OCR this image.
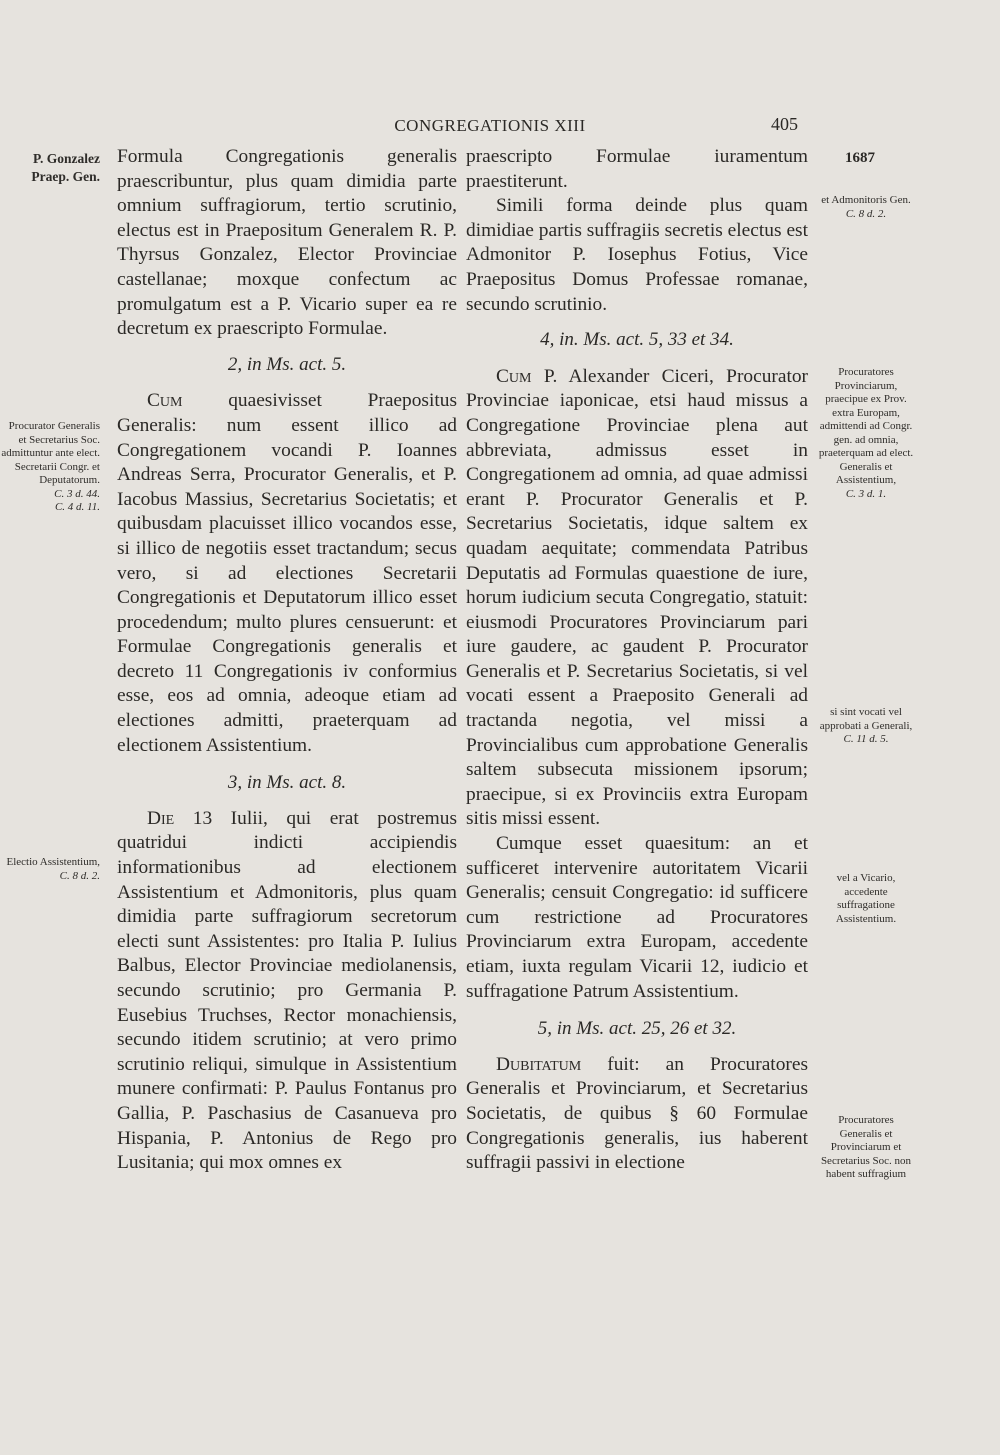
CONGREGATIONIS XIII	405
1687
P. Gonzalez Praep. Gen.
Procurator Generalis et Secretarius Soc. admittuntur ante elect. Secretarii Congr. et Deputatorum.
C. 3 d. 44.
C. 4 d. 11.
Electio Assistentium,
C. 8 d. 2.
et Admonitoris Gen.
C. 8 d. 2.
Procuratores Provinciarum, praecipue ex Prov. extra Europam, admittendi ad Congr. gen. ad omnia, praeterquam ad elect. Generalis et Assistentium,
C. 3 d. 1.
si sint vocati vel approbati a Generali,
C. 11 d. 5.
vel a Vicario, accedente suffragatione Assistentium.
Procuratores Generalis et Provinciarum et Secretarius Soc. non habent suffragium

Formula Congregationis generalis praescribuntur, plus quam dimidia parte omnium suffragiorum, tertio scrutinio, electus est in Praepositum Generalem R. P. Thyrsus Gonzalez, Elector Provinciae castellanae; moxque confectum ac promulgatum est a P. Vicario super ea re decretum ex praescripto Formulae.

2, in Ms. act. 5.

Cum quaesivisset Praepositus Generalis: num essent illico ad Congregationem vocandi P. Ioannes Andreas Serra, Procurator Generalis, et P. Iacobus Massius, Secretarius Societatis; et quibusdam placuisset illico vocandos esse, si illico de negotiis esset tractandum; secus vero, si ad electiones Secretarii Congregationis et Deputatorum illico esset procedendum; multo plures censuerunt: et Formulae Congregationis generalis et decreto 11 Congregationis iv conformius esse, eos ad omnia, adeoque etiam ad electiones admitti, praeterquam ad electionem Assistentium.

3, in Ms. act. 8.

Die 13 Iulii, qui erat postremus quatridui indicti accipiendis informationibus ad electionem Assistentium et Admonitoris, plus quam dimidia parte suffragiorum secretorum electi sunt Assistentes: pro Italia P. Iulius Balbus, Elector Provinciae mediolanensis, secundo scrutinio; pro Germania P. Eusebius Truchses, Rector monachiensis, secundo itidem scrutinio; at vero primo scrutinio reliqui, simulque in Assistentium munere confirmati: P. Paulus Fontanus pro Gallia, P. Paschasius de Casanueva pro Hispania, P. Antonius de Rego pro Lusitania; qui mox omnes ex

praescripto Formulae iuramentum praestiterunt.

Simili forma deinde plus quam dimidiae partis suffragiis secretis electus est Admonitor P. Iosephus Fotius, Vice Praepositus Domus Professae romanae, secundo scrutinio.

4, in. Ms. act. 5, 33 et 34.

Cum P. Alexander Ciceri, Procurator Provinciae iaponicae, etsi haud missus a Congregatione Provinciae plena aut abbreviata, admissus esset in Congregationem ad omnia, ad quae admissi erant P. Procurator Generalis et P. Secretarius Societatis, idque saltem ex quadam aequitate; commendata Patribus Deputatis ad Formulas quaestione de iure, horum iudicium secuta Congregatio, statuit: eiusmodi Procuratores Provinciarum pari iure gaudere, ac gaudent P. Procurator Generalis et P. Secretarius Societatis, si vel vocati essent a Praeposito Generali ad tractanda negotia, vel missi a Provincialibus cum approbatione Generalis saltem subsecuta missionem ipsorum; praecipue, si ex Provinciis extra Europam sitis missi essent.

Cumque esset quaesitum: an et sufficeret intervenire autoritatem Vicarii Generalis; censuit Congregatio: id sufficere cum restrictione ad Procuratores Provinciarum extra Europam, accedente etiam, iuxta regulam Vicarii 12, iudicio et suffragatione Patrum Assistentium.

5, in Ms. act. 25, 26 et 32.

Dubitatum fuit: an Procuratores Generalis et Provinciarum, et Secretarius Societatis, de quibus § 60 Formulae Congregationis generalis, ius haberent suffragii passivi in electione
